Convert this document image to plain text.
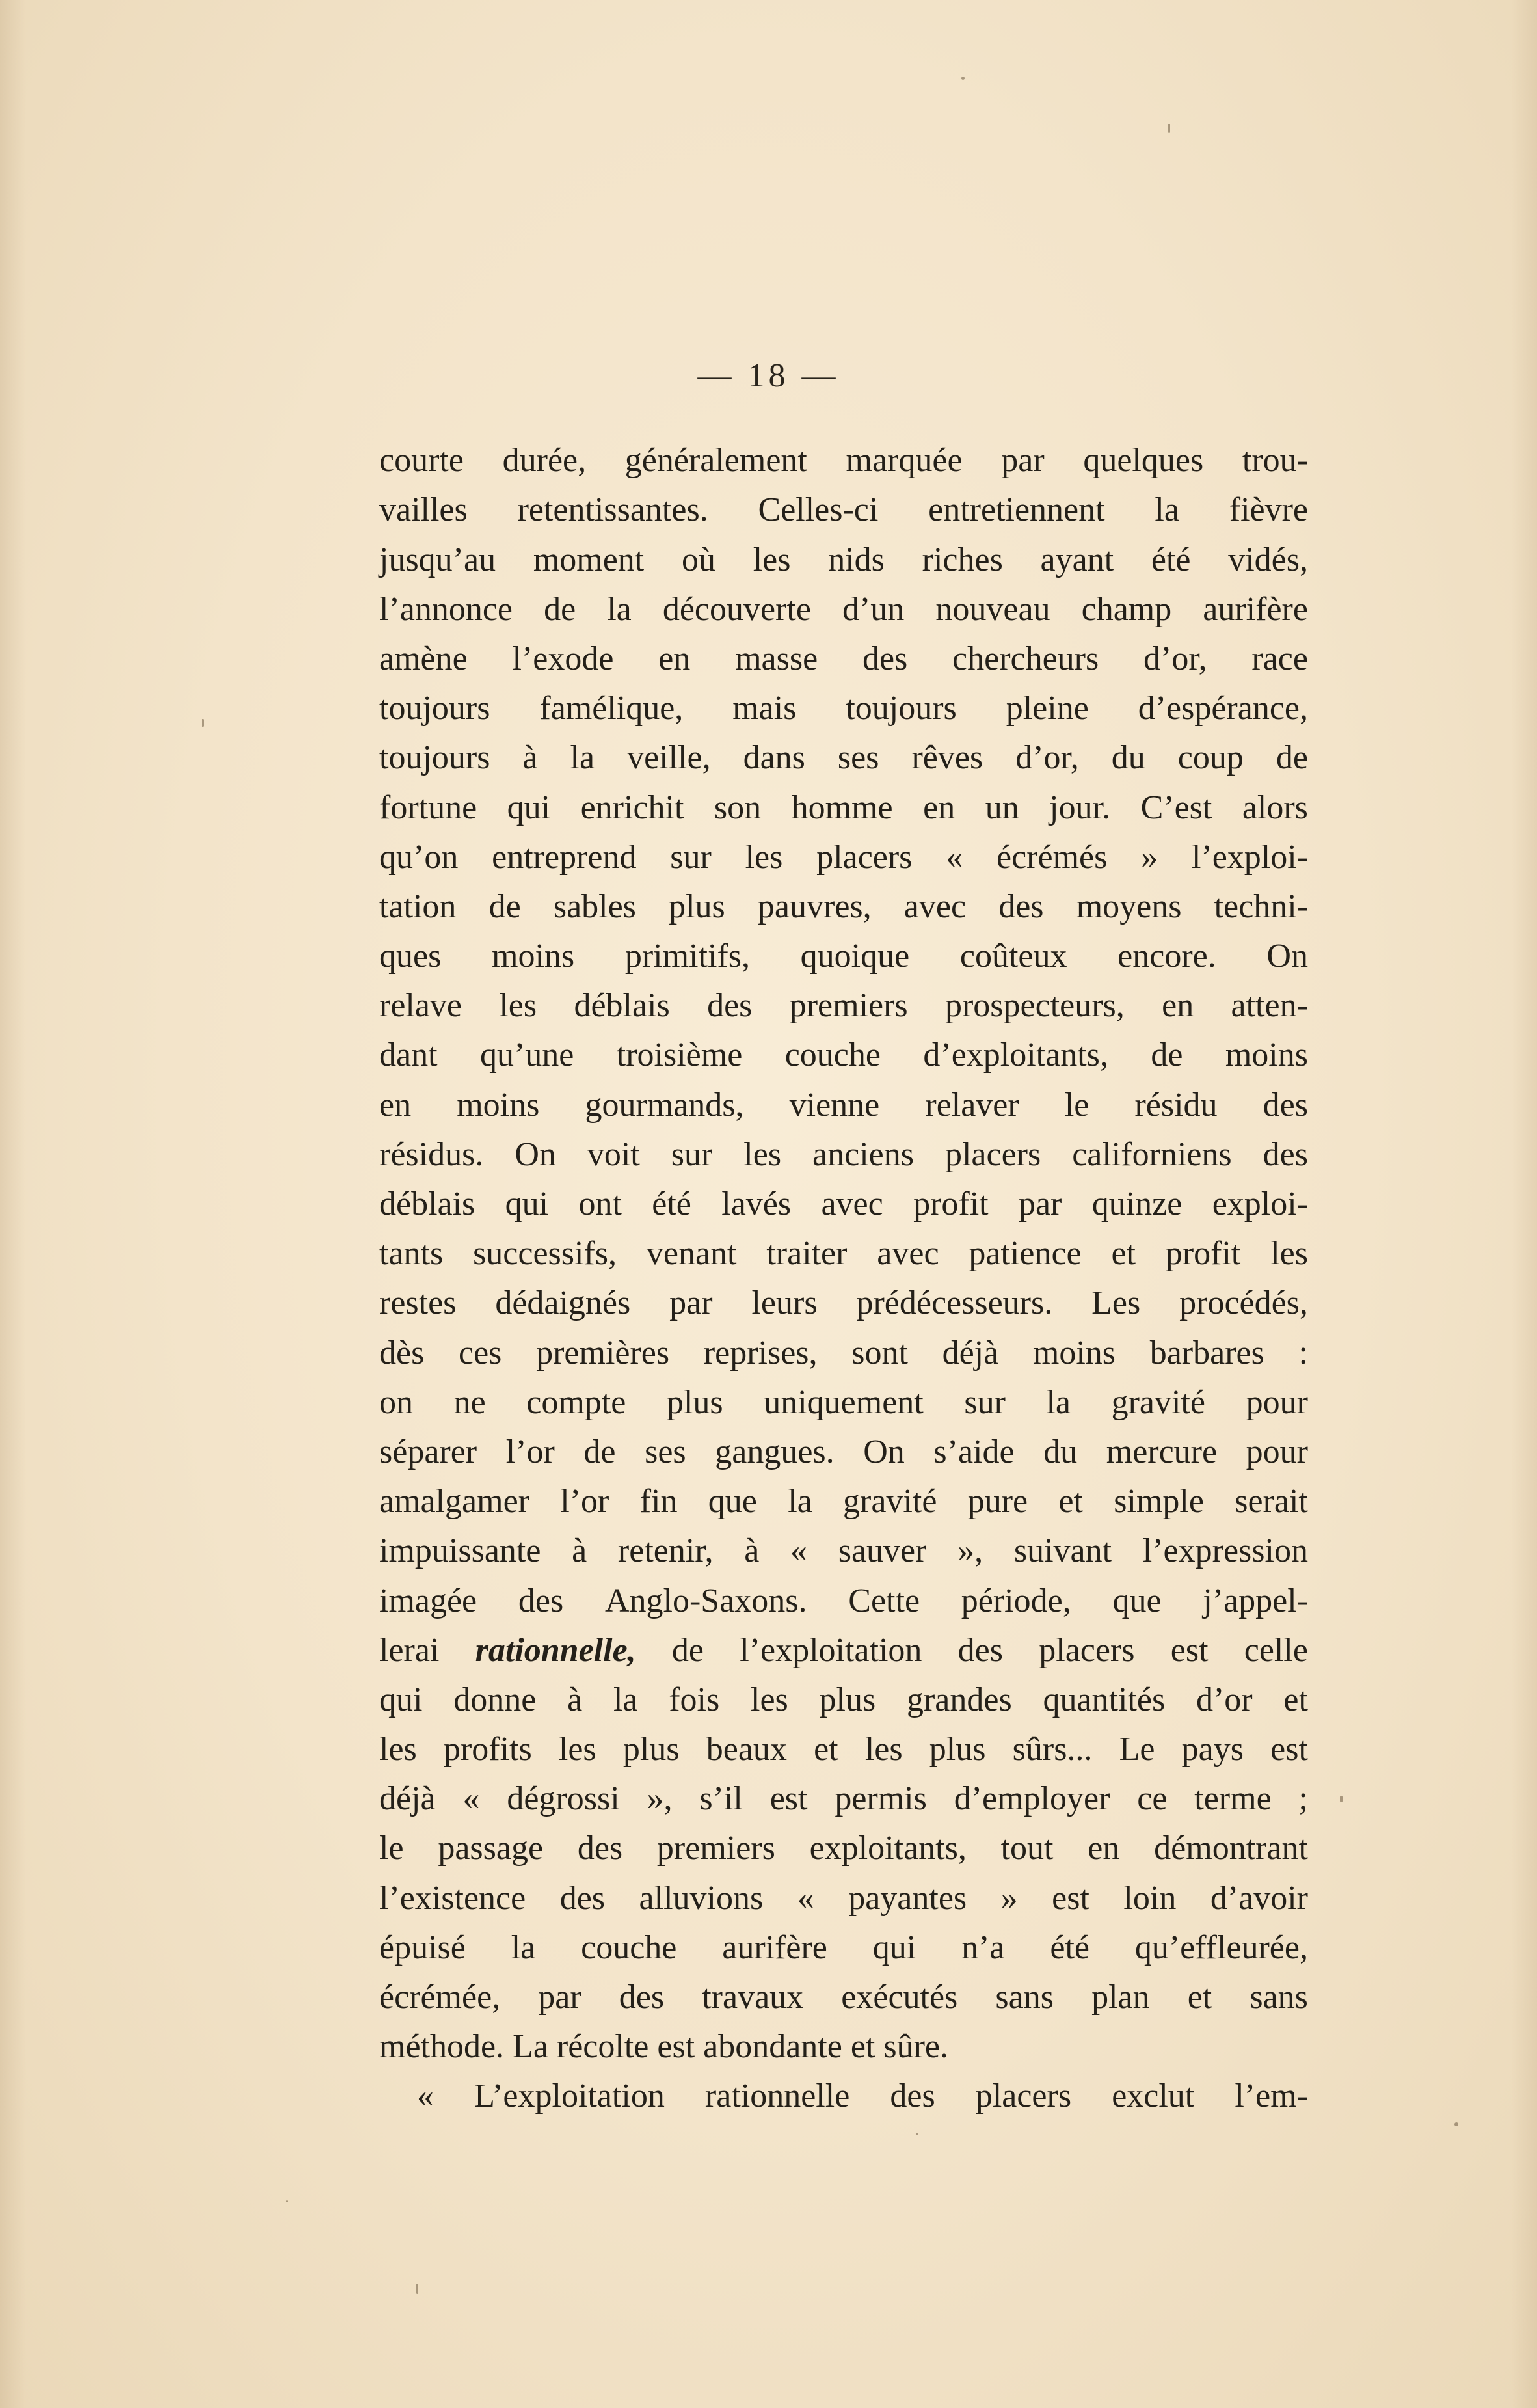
— 18 —
courte durée, généralement marquée par quelques trou-
vailles retentissantes. Celles-ci entretiennent la fièvre
jusqu’au moment où les nids riches ayant été vidés,
l’annonce de la découverte d’un nouveau champ aurifère
amène l’exode en masse des chercheurs d’or, race
toujours famélique, mais toujours pleine d’espérance,
toujours à la veille, dans ses rêves d’or, du coup de
fortune qui enrichit son homme en un jour. C’est alors
qu’on entreprend sur les placers « écrémés » l’exploi-
tation de sables plus pauvres, avec des moyens techni-
ques moins primitifs, quoique coûteux encore. On
relave les déblais des premiers prospecteurs, en atten-
dant qu’une troisième couche d’exploitants, de moins
en moins gourmands, vienne relaver le résidu des
résidus. On voit sur les anciens placers californiens des
déblais qui ont été lavés avec profit par quinze exploi-
tants successifs, venant traiter avec patience et profit les
restes dédaignés par leurs prédécesseurs. Les procédés,
dès ces premières reprises, sont déjà moins barbares :
on ne compte plus uniquement sur la gravité pour
séparer l’or de ses gangues. On s’aide du mercure pour
amalgamer l’or fin que la gravité pure et simple serait
impuissante à retenir, à « sauver », suivant l’expression
imagée des Anglo-Saxons. Cette période, que j’appel-
lerai rationnelle, de l’exploitation des placers est celle
qui donne à la fois les plus grandes quantités d’or et
les profits les plus beaux et les plus sûrs... Le pays est
déjà « dégrossi », s’il est permis d’employer ce terme ;
le passage des premiers exploitants, tout en démontrant
l’existence des alluvions « payantes » est loin d’avoir
épuisé la couche aurifère qui n’a été qu’effleurée,
écrémée, par des travaux exécutés sans plan et sans
méthode. La récolte est abondante et sûre.
« L’exploitation rationnelle des placers exclut l’em-
